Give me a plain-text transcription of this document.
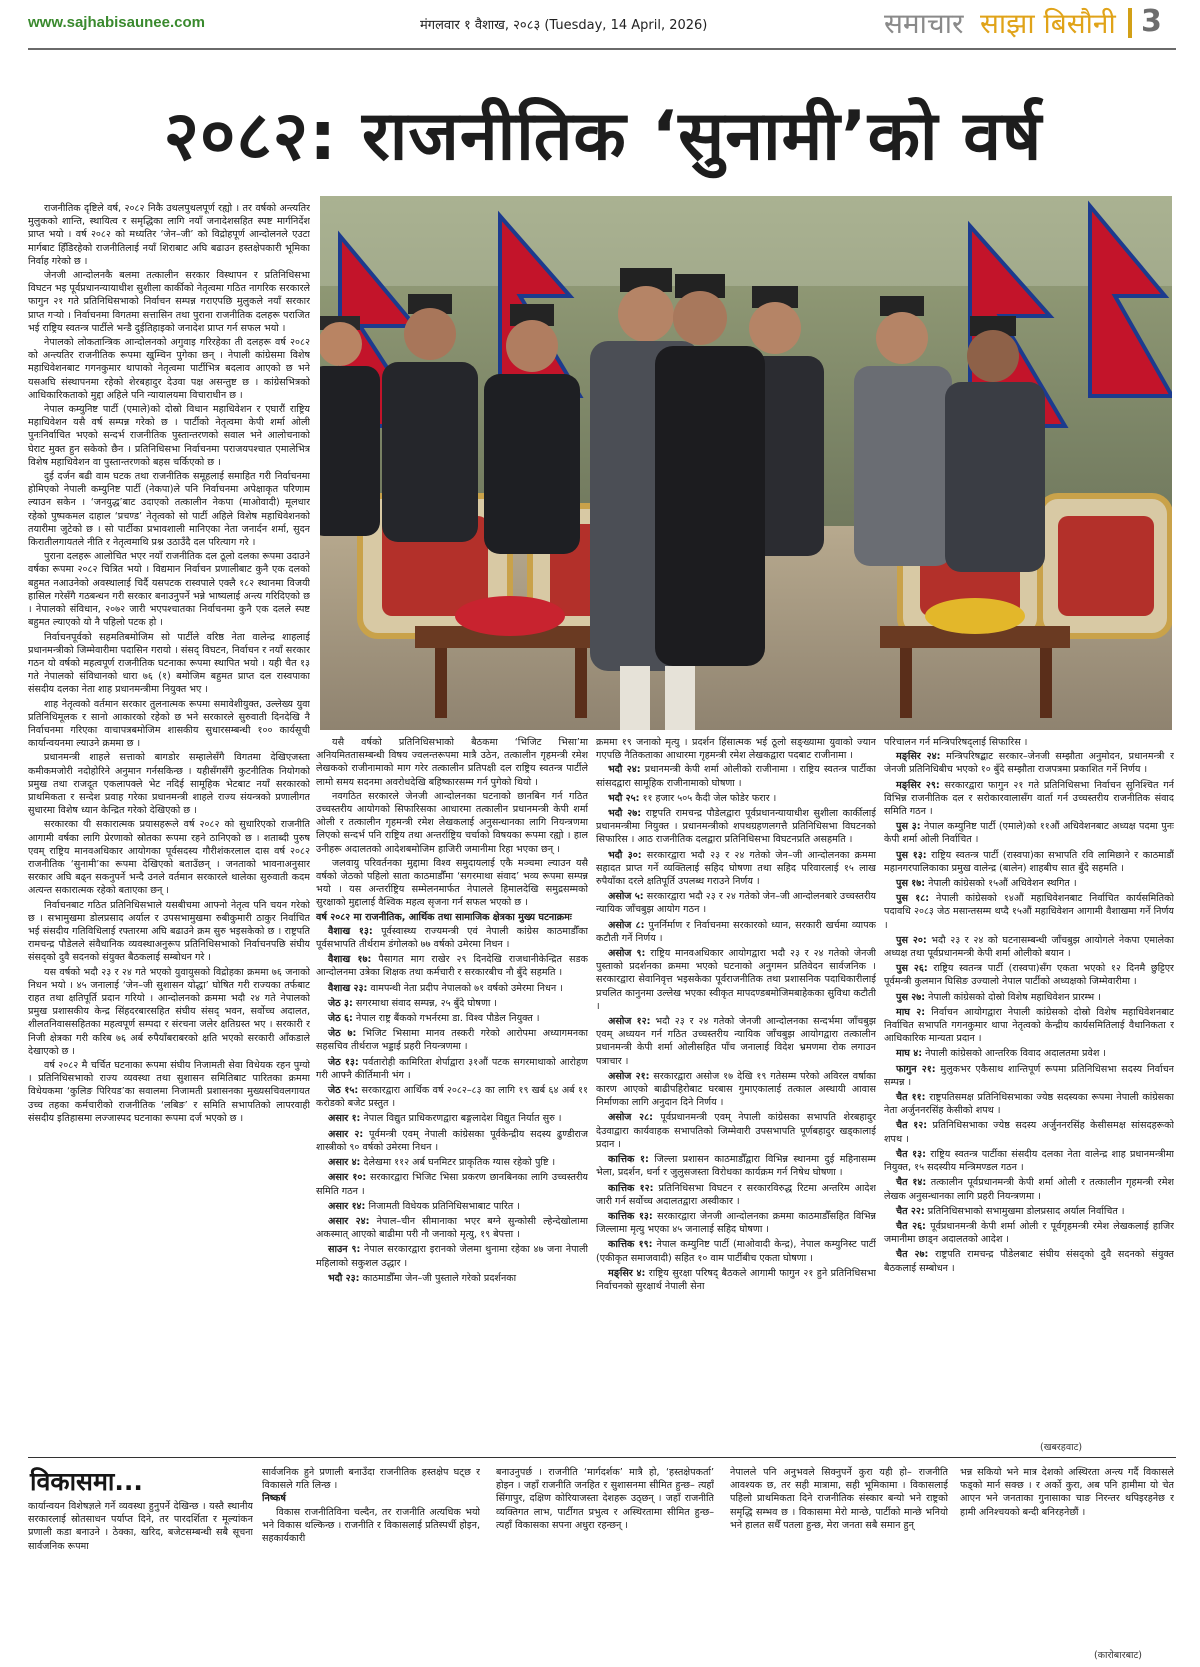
www.sajhabisaunee.com	मंगलवार १ वैशाख, २०८३ (Tuesday, 14 April, 2026)	समाचार साझा बिसौनी 3
२०८२: राजनीतिक ‘सुनामी’को वर्ष

राजनीतिक दृष्टिले वर्ष, २०८२ निकै उथलपुथलपूर्ण रह्यो । तर वर्षको अन्त्यतिर मुलुकको शान्ति, स्थायित्व र समृद्धिका लागि नयाँ जनादेशसहित स्पष्ट मार्गनिर्देश प्राप्त भयो । वर्ष २०८२ को मध्यतिर ‘जेन–जी’ को विद्रोहपूर्ण आन्दोलनले एउटा मार्गबाट हिँडिरहेको राजनीतिलाई नयाँ शिराबाट अघि बढाउन हस्तक्षेपकारी भूमिका निर्वाह गरेको छ ।

जेनजी आन्दोलनकै बलमा तत्कालीन सरकार विस्थापन र प्रतिनिधिसभा विघटन भइ पूर्वप्रधानन्यायाधीश सुशीला कार्कीको नेतृत्वमा गठित नागरिक सरकारले फागुन २१ गते प्रतिनिधिसभाको निर्वाचन सम्पन्न गराएपछि मुलुकले नयाँ सरकार प्राप्त गऱ्यो । निर्वाचनमा विगतमा सत्तासिन तथा पुराना राजनीतिक दलहरू पराजित भई राष्ट्रिय स्वतन्त्र पार्टीले भन्डै दुईतिहाइको जनादेश प्राप्त गर्न सफल भयो ।

नेपालको लोकतान्त्रिक आन्दोलनको अगुवाइ गरिरहेका ती दलहरू वर्ष २०८२ को अन्त्यतिर राजनीतिक रूपमा खुम्चिन पुगेका छन् । नेपाली कांग्रेसमा विशेष महाधिवेशनबाट गगनकुमार थापाको नेतृत्वमा पार्टीभित्र बदलाव आएको छ भने यसअघि संस्थापनमा रहेको शेरबहादुर देउवा पक्ष असन्तुष्ट छ । कांग्रेसभित्रको आधिकारिकताको मुद्दा अहिले पनि न्यायालयमा विचाराधीन छ ।

नेपाल कम्युनिष्ट पार्टी (एमाले)को दोस्रो विधान महाधिवेशन र एघारौं राष्ट्रिय महाधिवेशन यसै वर्ष सम्पन्न गरेको छ । पार्टीको नेतृत्वमा केपी शर्मा ओली पुनःनिर्वाचित भएको सन्दर्भ राजनीतिक पुस्तान्तरणको सवाल भने आलोचनाको घेराट मुक्त हुन सकेको छैन । प्रतिनिधिसभा निर्वाचनमा पराजयपश्चात एमालेभित्र विशेष महाधिवेशन वा पुस्तान्तरणको बहस चर्किएको छ ।

दुई दर्जन बढी वाम घटक तथा राजनीतिक समूहलाई समाहित गरी निर्वाचनमा होमिएको नेपाली कम्युनिष्ट पार्टी (नेकपा)ले पनि निर्वाचनमा अपेक्षाकृत परिणाम ल्याउन सकेन । ‘जनयुद्ध’बाट उदाएको तत्कालीन नेकपा (माओवादी) मूलधार रहेको पुष्पकमल दाहाल ‘प्रचण्ड’ नेतृत्वको सो पार्टी अहिले विशेष महाधिवेशनको तयारीमा जुटेको छ । सो पार्टीका प्रभावशाली मानिएका नेता जनार्दन शर्मा, सुदन किरातीलगायतले नीति र नेतृत्वमाथि प्रश्न उठाउँदै दल परित्याग गरे ।

पुराना दलहरू आलोचित भएर नयाँ राजनीतिक दल ठूलो दलका रूपमा उदाउने वर्षका रूपमा २०८२ चित्रित भयो । विद्यमान निर्वाचन प्रणालीबाट कुनै एक दलको बहुमत नआउनेको अवस्थालाई चिर्दै यसपटक रास्वपाले एक्लै १८२ स्थानमा विजयी हासिल गरेसँगै गठबन्धन गरी सरकार बनाउनुपर्ने भन्ने भाष्यलाई अन्त्य गरिदिएको छ । नेपालको संविधान, २०७२ जारी भएपश्चातका निर्वाचनमा कुनै एक दलले स्पष्ट बहुमत ल्याएको यो नै पहिलो पटक हो ।

निर्वाचनपूर्वको सहमतिबमोजिम सो पार्टीले वरिष्ठ नेता वालेन्द्र शाहलाई प्रधानमन्त्रीको जिम्मेवारीमा पदासिन गरायो । संसद् विघटन, निर्वाचन र नयाँ सरकार गठन यो वर्षको महत्वपूर्ण राजनीतिक घटनाका रूपमा स्थापित भयो । यही चैत १३ गते नेपालको संविधानको धारा ७६ (१) बमोजिम बहुमत प्राप्त दल रास्वपाका संसदीय दलका नेता शाह प्रधानमन्त्रीमा नियुक्त भए ।

शाह नेतृत्वको वर्तमान सरकार तुलनात्मक रूपमा समावेशीयुक्त, उल्लेख्य युवा प्रतिनिधिमूलक र सानो आकारको रहेको छ भने सरकारले सुरुवाती दिनदेखि नै निर्वाचनमा गरिएका वाचापत्रबमोजिम शासकीय सुधारसम्बन्धी १०० कार्यसूची कार्यान्वयनमा ल्याउने क्रममा छ ।

प्रधानमन्त्री शाहले सत्ताको बागडोर सम्हालेसँगै विगतमा देखिएजस्ता कमीकमजोरी नदोहोरिने अनुमान गर्नसकिन्छ । यहीसँगसँगै कुटनीतिक नियोगको प्रमुख तथा राजदूत एकलापक्ले भेट नदिई सामूहिक भेटबाट नयाँ सरकारको प्राथमिकता र सन्देश प्रवाह गरेका प्रधानमन्त्री शाहले राज्य संयन्त्रको प्रणालीगत सुधारमा विशेष ध्यान केन्द्रित गरेको देखिएको छ ।

सरकारका यी सकारात्मक प्रयासहरूले वर्ष २०८२ को सुधारिएको राजनीति आगामी वर्षका लागि प्रेरणाको स्रोतका रूपमा रहने ठानिएको छ । शताब्दी पुरुष एवम् राष्ट्रिय मानवअधिकार आयोगका पूर्वसदस्य गौरीशंकरलाल दास वर्ष २०८२ राजनीतिक ‘सुनामी’का रूपमा देखिएको बताउँछन् । जनताको भावनाअनुसार सरकार अघि बढ्न सकनुपर्ने भन्दै उनले वर्तमान सरकारले थालेका सुरुवाती कदम अत्यन्त सकारात्मक रहेको बताएका छन् ।

निर्वाचनबाट गठित प्रतिनिधिसभाले यसबीचमा आफ्नो नेतृत्व पनि चयन गरेको छ । सभामुखमा डोलप्रसाद अर्याल र उपसभामुखमा रुबीकुमारी ठाकुर निर्वाचित भई संसदीय गतिविधिलाई रफ्तारमा अघि बढाउने क्रम सुरु भइसकेको छ । राष्ट्रपति रामचन्द्र पौडेलले संवैधानिक व्यवस्थाअनुरूप प्रतिनिधिसभाको निर्वाचनपछि संघीय संसद्को दुवै सदनको संयुक्त बैठकलाई सम्बोधन गरे ।

यस वर्षको भदौ २३ र २४ गते भएको युवायुसको विद्रोहका क्रममा ७६ जनाको निधन भयो । ४५ जनालाई ‘जेन–जी सुशासन योद्धा’ घोषित गरी राज्यका तर्फबाट राहत तथा क्षतिपूर्ति प्रदान गरियो । आन्दोलनको क्रममा भदौ २४ गते नेपालको प्रमुख प्रशासकीय केन्द्र सिंहदरबारसहित संघीय संसद् भवन, सर्वोच्च अदालत, शीलतनिवाससहितका महत्वपूर्ण सम्पदा र संरचना जलेर क्षतिग्रस्त भए । सरकारी र निजी क्षेत्रका गरी करिब ७६ अर्ब रुपैयाँबराबरको क्षति भएको सरकारी आँकडाले देखाएको छ ।

वर्ष २०८२ मै चर्चित घटनाका रूपमा संघीय निजामती सेवा विधेयक रहन पुग्यो । प्रतिनिधिसभाको राज्य व्यवस्था तथा सुशासन समितिबाट पारितका क्रममा विधेयकमा ‘कुलिङ पिरियड’का सवालमा निजामती प्रशासनका मुख्यसचिवलगायत उच्च तहका कर्मचारीको राजनीतिक ‘लबिङ’ र समिति सभापतिको लापरवाही संसदीय इतिहासमा लज्जास्पद घटनाका रूपमा दर्ज भएको छ ।

यसै वर्षको प्रतिनिधिसभाको बैठकमा ‘भिजिट भिसा’मा अनियमिततासम्बन्धी विषय ज्वलन्तरूपमा मात्रै उठेन, तत्कालीन गृहमन्त्री रमेश लेखकको राजीनामाको माग गरेर तत्कालीन प्रतिपक्षी दल राष्ट्रिय स्वतन्त्र पार्टीले लामो समय सदनमा अवरोधदेखि बहिष्कारसम्म गर्न पुगेको थियो ।

नवगठित सरकारले जेनजी आन्दोलनका घटनाको छानबिन गर्न गठित उच्चस्तरीय आयोगको सिफारिसका आधारमा तत्कालीन प्रधानमन्त्री केपी शर्मा ओली र तत्कालीन गृहमन्त्री रमेश लेखकलाई अनुसन्धानका लागि नियन्त्रणमा लिएको सन्दर्भ पनि राष्ट्रिय तथा अन्तर्राष्ट्रिय चर्चाको विषयका रूपमा रह्यो । हाल उनीहरू अदालतको आदेशबमोजिम हाजिरी जमानीमा रिहा भएका छन् ।

जलवायु परिवर्तनका मुद्दामा विश्व समुदायलाई एकै मञ्चमा ल्याउन यसै वर्षको जेठको पहिलो साता काठमाडौँमा ‘सगरमाथा संवाद’ भव्य रूपमा सम्पन्न भयो । यस अन्तर्राष्ट्रिय सम्मेलनमार्फत नेपालले हिमालदेखि समुद्रसम्मको सुरक्षाको मुद्दालाई वैश्विक महत्व सृजना गर्न सफल भएको छ ।

वर्ष २०८२ मा राजनीतिक, आर्थिक तथा सामाजिक क्षेत्रका मुख्य घटनाक्रमः

वैशाख १३: पूर्वस्वास्थ्य राज्यमन्त्री एवं नेपाली कांग्रेस काठमाडौँका पूर्वसभापति तीर्थराम डंगोलको ७७ वर्षको उमेरमा निधन ।

वैशाख १७: पैसागत माग राखेर २९ दिनदेखि राजधानीकेन्द्रित सडक आन्दोलनमा उत्रेका शिक्षक तथा कर्मचारी र सरकारबीच नौ बुँदे सहमति ।

वैशाख २३: वामपन्थी नेता प्रदीप नेपालको ७१ वर्षको उमेरमा निधन ।

जेठ ३: सगरमाथा संवाद सम्पन्न, २५ बुँदे घोषणा ।

जेठ ६: नेपाल राष्ट्र बैंकको गभर्नरमा डा. विश्व पौडेल नियुक्त ।

जेठ ७: भिजिट भिसामा मानव तस्करी गरेको आरोपमा अध्यागमनका सहसचिव तीर्थराज भड्डाई प्रहरी नियन्त्रणमा ।

जेठ १३: पर्वतारोही कामिरिता शेर्पाद्वारा ३१औं पटक सगरमाथाको आरोहण गरी आफ्नै कीर्तिमानी भंग ।

जेठ १५: सरकारद्वारा आर्थिक वर्ष २०८२–८३ का लागि १९ खर्ब ६४ अर्ब ११ करोडको बजेट प्रस्तुत ।

असार १: नेपाल विद्युत प्राधिकरणद्वारा बङ्गलादेश विद्युत निर्यात सुरु ।

असार २: पूर्वमन्त्री एवम् नेपाली कांग्रेसका पूर्वकेन्द्रीय सदस्य ढुण्डीराज शास्त्रीको ९० वर्षको उमेरमा निधन ।

असार ४: देलेखमा ११२ अर्ब घनमिटर प्राकृतिक ग्यास रहेको पुष्टि ।

असार १०: सरकारद्वारा भिजिट भिसा प्रकरण छानबिनका लागि उच्चस्तरीय समिति गठन ।

असार १४: निजामती विधेयक प्रतिनिधिसभाबाट पारित ।

असार २४: नेपाल–चीन सीमानाका भएर बग्ने सुन्कोसी ल्हेन्देखोलामा अकस्मात् आएको बाढीमा परी नौ जनाको मृत्यु, १९ बेपत्ता ।

साउन ९: नेपाल सरकारद्वारा इरानको जेलमा थुनामा रहेका ४७ जना नेपाली महिलाको सकुशल उद्धार ।

भदौ २३: काठमाडौँमा जेन–जी पुस्ताले गरेको प्रदर्शनका

क्रममा १९ जनाको मृत्यु । प्रदर्शन हिंसात्मक भई ठूलो सङ्ख्यामा युवाको ज्यान गएपछि नैतिकताका आधारमा गृहमन्त्री रमेश लेखकद्वारा पदबाट राजीनामा ।

भदौ २४: प्रधानमन्त्री केपी शर्मा ओलीको राजीनामा । राष्ट्रिय स्वतन्त्र पार्टीका सांसदद्वारा सामूहिक राजीनामाको घोषणा ।

भदौ २५: ११ हजार ५०५ कैदी जेल फोडेर फरार ।

भदौ २७: राष्ट्रपति रामचन्द्र पौडेलद्वारा पूर्वप्रधानन्यायाधीश सुशीला कार्कीलाई प्रधानमन्त्रीमा नियुक्त । प्रधानमन्त्रीको शपथग्रहणलगत्तै प्रतिनिधिसभा विघटनको सिफारिस । आठ राजनीतिक दलद्वारा प्रतिनिधिसभा विघटनप्रति असहमति ।

भदौ ३०: सरकारद्वारा भदौ २३ र २४ गतेको जेन–जी आन्दोलनका क्रममा सहादत प्राप्त गर्ने व्यक्तिलाई सहिद घोषणा तथा सहिद परिवारलाई १५ लाख रुपैयाँका दरले क्षतिपूर्ति उपलब्ध गराउने निर्णय ।

असोज ५: सरकारद्वारा भदौ २३ र २४ गतेको जेन–जी आन्दोलनबारे उच्चस्तरीय न्यायिक जाँचबुझ आयोग गठन ।

असोज ८: पुनर्निर्माण र निर्वाचनमा सरकारको ध्यान, सरकारी खर्चमा व्यापक कटौती गर्ने निर्णय ।

असोज ९: राष्ट्रिय मानवअधिकार आयोगद्वारा भदौ २३ र २४ गतेको जेनजी पुस्ताको प्रदर्शनका क्रममा भएको घटनाको अनुगमन प्रतिवेदन सार्वजनिक । सरकारद्वारा सेवानिवृत्त भइसकेका पूर्वराजनीतिक तथा प्रशासनिक पदाधिकारीलाई प्रचलित कानुनमा उल्लेख भएका स्वीकृत मापदण्डबमोजिमबाहेकका सुविधा कटौती ।

असोज १२: भदौ २३ र २४ गतेको जेनजी आन्दोलनका सन्दर्भमा जाँचबुझ एवम् अध्ययन गर्न गठित उच्चस्तरीय न्यायिक जाँचबुझ आयोगद्वारा तत्कालीन प्रधानमन्त्री केपी शर्मा ओलीसहित पाँच जनालाई विदेश भ्रमणमा रोक लगाउन पत्राचार ।

असोज २१: सरकारद्वारा असोज १७ देखि १९ गतेसम्म परेको अविरल वर्षाका कारण आएको बाढीपहिरोबाट घरबास गुमाएकालाई तत्काल अस्थायी आवास निर्माणका लागि अनुदान दिने निर्णय ।

असोज २८: पूर्वप्रधानमन्त्री एवम् नेपाली कांग्रेसका सभापति शेरबहादुर देउवाद्वारा कार्यवाहक सभापतिको जिम्मेवारी उपसभापति पूर्णबहादुर खड्कालाई प्रदान ।

कात्तिक १: जिल्ला प्रशासन काठमाडौँद्वारा विभिन्न स्थानमा दुई महिनासम्म भेला, प्रदर्शन, धर्ना र जुलुसजस्ता विरोधका कार्यक्रम गर्न निषेध घोषणा ।

कात्तिक १२: प्रतिनिधिसभा विघटन र सरकारविरुद्ध रिटमा अन्तरिम आदेश जारी गर्न सर्वोच्च अदालतद्वारा अस्वीकार ।

कात्तिक १३: सरकारद्वारा जेनजी आन्दोलनका क्रममा काठमाडौँसहित विभिन्न जिल्लामा मृत्यु भएका ४५ जनालाई सहिद घोषणा ।

कात्तिक १९: नेपाल कम्युनिष्ट पार्टी (माओवादी केन्द्र), नेपाल कम्युनिस्ट पार्टी (एकीकृत समाजवादी) सहित १० वाम पार्टीबीच एकता घोषणा ।

मङ्सिर ४: राष्ट्रिय सुरक्षा परिषद् बैठकले आगामी फागुन २१ हुने प्रतिनिधिसभा निर्वाचनको सुरक्षार्थ नेपाली सेना

परिचालन गर्न मन्त्रिपरिषद्लाई सिफारिस ।

मङ्सिर २४: मन्त्रिपरिषद्बाट सरकार–जेनजी सम्झौता अनुमोदन, प्रधानमन्त्री र जेनजी प्रतिनिधिबीच भएको १० बुँदे सम्झौता राजपत्रमा प्रकाशित गर्ने निर्णय ।

मङ्सिर २९: सरकारद्वारा फागुन २१ गते प्रतिनिधिसभा निर्वाचन सुनिश्चित गर्न विभिन्न राजनीतिक दल र सरोकारवालासँग वार्ता गर्न उच्चस्तरीय राजनीतिक संवाद समिति गठन ।

पुस ३: नेपाल कम्युनिष्ट पार्टी (एमाले)को ११औं अधिवेशनबाट अध्यक्ष पदमा पुनः केपी शर्मा ओली निर्वाचित ।

पुस १३: राष्ट्रिय स्वतन्त्र पार्टी (रास्वपा)का सभापति रवि लामिछाने र काठमाडौं महानगरपालिकाका प्रमुख वालेन्द्र (बालेन) शाहबीच सात बुँदे सहमति ।

पुस १७: नेपाली कांग्रेसको १५औं अधिवेशन स्थगित ।

पुस १८: नेपाली कांग्रेसको १४औं महाधिवेशनबाट निर्वाचित कार्यसमितिको पदावधि २०८३ जेठ मसान्तसम्म थप्दै १५औं महाधिवेशन आगामी वैशाखमा गर्ने निर्णय ।

पुस २०: भदौ २३ र २४ को घटनासम्बन्धी जाँचबुझ आयोगले नेकपा एमालेका अध्यक्ष तथा पूर्वप्रधानमन्त्री केपी शर्मा ओलीको बयान ।

पुस २६: राष्ट्रिय स्वतन्त्र पार्टी (रास्वपा)सँग एकता भएको १२ दिनमै छुट्टिएर पूर्वमन्त्री कुलमान घिसिङ उज्यालो नेपाल पार्टीको अध्यक्षको जिम्मेवारीमा ।

पुस २७: नेपाली कांग्रेसको दोस्रो विशेष महाधिवेशन प्रारम्भ ।

माघ २: निर्वाचन आयोगद्वारा नेपाली कांग्रेसको दोस्रो विशेष महाधिवेशनबाट निर्वाचित सभापति गगनकुमार थापा नेतृत्वको केन्द्रीय कार्यसमितिलाई वैधानिकता र आधिकारिक मान्यता प्रदान ।

माघ ४: नेपाली कांग्रेसको आन्तरिक विवाद अदालतमा प्रवेश ।

फागुन २१: मुलुकभर एकैसाथ शान्तिपूर्ण रूपमा प्रतिनिधिसभा सदस्य निर्वाचन सम्पन्न ।

चैत ११: राष्ट्रपतिसमक्ष प्रतिनिधिसभाका ज्येष्ठ सदस्यका रूपमा नेपाली कांग्रेसका नेता अर्जुननरसिंह केसीको शपथ ।

चैत १२: प्रतिनिधिसभाका ज्येष्ठ सदस्य अर्जुननरसिंह केसीसमक्ष सांसदहरूको शपथ ।

चैत १३: राष्ट्रिय स्वतन्त्र पार्टीका संसदीय दलका नेता वालेन्द्र शाह प्रधानमन्त्रीमा नियुक्त, १५ सदस्यीय मन्त्रिमण्डल गठन ।

चैत १४: तत्कालीन पूर्वप्रधानमन्त्री केपी शर्मा ओली र तत्कालीन गृहमन्त्री रमेश लेखक अनुसन्धानका लागि प्रहरी नियन्त्रणमा ।

चैत २२: प्रतिनिधिसभाको सभामुखमा डोलप्रसाद अर्याल निर्वाचित ।

चैत २६: पूर्वप्रधानमन्त्री केपी शर्मा ओली र पूर्वगृहमन्त्री रमेश लेखकलाई हाजिर जमानीमा छाड्न अदालतको आदेश ।

चैत २७: राष्ट्रपति रामचन्द्र पौडेलबाट संघीय संसद्को दुवै सदनको संयुक्त बैठकलाई सम्बोधन ।

(खबरहवाट)
विकासमा...
कार्यान्वयन विशेषज्ञले गर्ने व्यवस्था हुनुपर्ने देखिन्छ । यस्तै स्थानीय सरकारलाई स्रोतसाधन पर्याप्त दिने, तर पारदर्शिता र मूल्यांकन प्रणाली कडा बनाउने । ठेक्का, खरिद, बजेटसम्बन्धी सबै सूचना सार्वजनिक रूपमा
सार्वजनिक हुने प्रणाली बनाउँदा राजनीतिक हस्तक्षेप घट्छ र विकासले गति लिन्छ ।
निष्कर्ष
विकास राजनीतिविना चल्दैन, तर राजनीति अत्यधिक भयो भने विकास थल्किन्छ । राजनीति र विकासलाई प्रतिस्पर्धी होइन, सहकार्यकारी
बनाउनुपर्छ । राजनीति ‘मार्गदर्शक’ मात्रै हो, ‘हस्तक्षेपकर्ता’ होइन । जहाँ राजनीति जनहित र सुशासनमा सीमित हुन्छ– त्यहाँ सिंगापुर, दक्षिण कोरियाजस्ता देशहरू उठ्छन् । जहाँ राजनीति व्यक्तिगत लाभ, पार्टीगत प्रभुत्व र अस्थिरतामा सीमित हुन्छ– त्यहाँ विकासका सपना अधुरा रहन्छन् ।
नेपालले पनि अनुभवले सिक्नुपर्ने कुरा यही हो– राजनीति आवश्यक छ, तर सही मात्रामा, सही भूमिकामा । विकासलाई पहिलो प्राथमिकता दिने राजनीतिक संस्कार बन्यो भने राष्ट्रको समृद्धि सम्भव छ । विकासमा मेरो मान्छे, पार्टीको मान्छे भनियो भने हालत सधैँ पतला हुन्छ, मेरा जनता सबै समान हुन्
भन्न सकियो भने मात्र देशको अस्थिरता अन्त्य गर्दै विकासले फड्को मार्न सक्छ । र अर्को कुरा, अब पनि हामीमा यो चेत आएन भने जनताका गुनासाका चाङ निरन्तर थपिइरहनेछ र हामी अनिश्चयको बन्दी बनिरहनेछौं ।
(कारोबारबाट)
